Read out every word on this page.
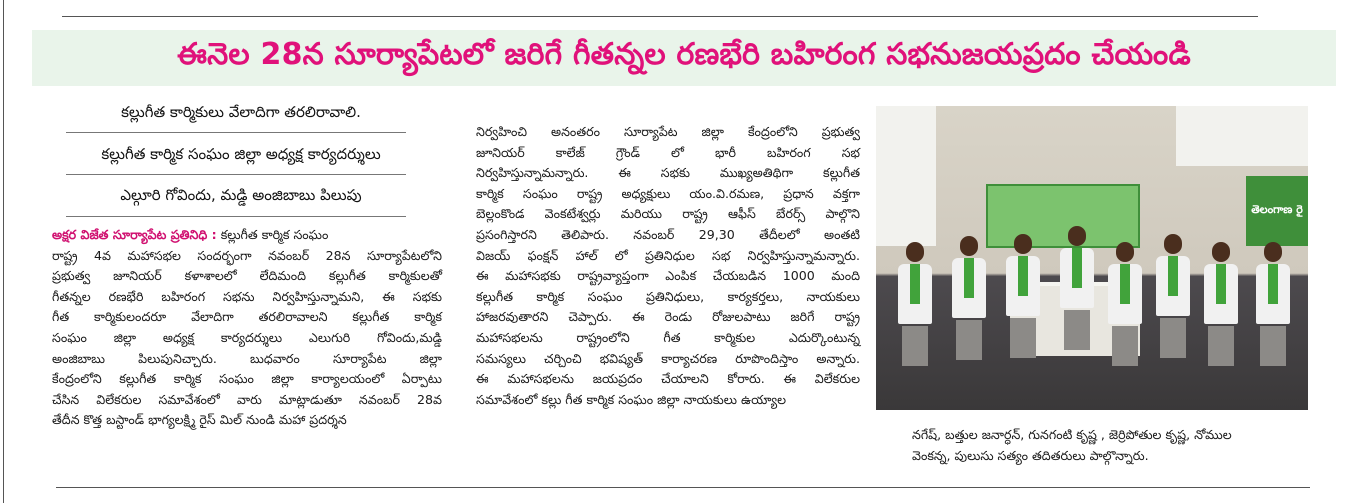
ఈనెల 28న సూర్యాపేటలో జరిగే గీతన్నల రణభేరి బహిరంగ సభనుజయప్రదం చేయండి
కల్లుగీత కార్మికులు వేలాదిగా తరలిరావాలి.
కల్లుగీత కార్మిక సంఘం జిల్లా అధ్యక్ష కార్యదర్శులు
ఎల్గూరి గోవిందు, మడ్డి అంజిబాబు పిలుపు

అక్షర విజేత సూర్యాపేట ప్రతినిధి : కల్లుగీత కార్మిక సంఘం

రాష్ట్ర 4వ మహాసభల సందర్భంగా నవంబర్ 28న సూర్యాపేటలోని

ప్రభుత్వ జూనియర్ కళాశాలలో లేదిమంది కల్లుగీత కార్మికులతో

గీతన్నల రణభేరి బహిరంగ సభను నిర్వహిస్తున్నామని, ఈ సభకు

గీత కార్మికులందరూ వేలాదిగా తరలిరావాలని కల్లుగీత కార్మిక

సంఘం జిల్లా అధ్యక్ష కార్యదర్శులు ఎలుగురి గోవిందు,మడ్డి

అంజిబాబు పిలుపునిచ్చారు. బుధవారం సూర్యాపేట జిల్లా

కేంద్రంలోని కల్లుగీత కార్మిక సంఘం జిల్లా కార్యాలయంలో ఏర్పాటు

చేసిన విలేకరుల సమావేశంలో వారు మాట్లాడుతూ నవంబర్ 28వ

తేదీన కొత్త బస్టాండ్ భాగ్యలక్ష్మి రైస్ మిల్ నుండి మహా ప్రదర్శన

నిర్వహించి అనంతరం సూర్యాపేట జిల్లా కేంద్రంలోని ప్రభుత్వ

జూనియర్ కాలేజ్ గ్రౌండ్ లో భారీ బహిరంగ సభ

నిర్వహిస్తున్నామన్నారు. ఈ సభకు ముఖ్యఅతిథిగా కల్లుగీత

కార్మిక సంఘం రాష్ట్ర అధ్యక్షులు యం.వి.రమణ, ప్రధాన వక్తగా

బెల్లంకొండ వెంకటేశ్వర్లు మరియు రాష్ట్ర ఆఫీస్ బేరర్స్ పాల్గొని

ప్రసంగిస్తారని తెలిపారు. నవంబర్ 29,30 తేదీలలో అంతటి

విజయ్ ఫంక్షన్ హాల్ లో ప్రతినిధుల సభ నిర్వహిస్తున్నామన్నారు.

ఈ మహాసభకు రాష్ట్రవ్యాప్తంగా ఎంపిక చేయబడిన 1000 మంది

కల్లుగీత కార్మిక సంఘం ప్రతినిధులు, కార్యకర్తలు, నాయకులు

హాజరవుతారని చెప్పారు. ఈ రెండు రోజులపాటు జరిగే రాష్ట్ర

మహాసభలను రాష్ట్రంలోని గీత కార్మికుల ఎదుర్కొంటున్న

సమస్యలు చర్చించి భవిష్యత్ కార్యాచరణ రూపొందిస్తాం అన్నారు.

ఈ మహాసభలను జయప్రదం చేయాలని కోరారు. ఈ విలేకరుల

సమావేశంలో కల్లు గీత కార్మిక సంఘం జిల్లా నాయకులు ఉయ్యాల

తెలంగాణ రై

నగేష్, బత్తుల జనార్ధన్, గునగంటి కృష్ణ , జెర్రిపోతుల కృష్ణ, నోముల

వెంకన్న, పులుసు సత్యం తదితరులు పాల్గొన్నారు.
